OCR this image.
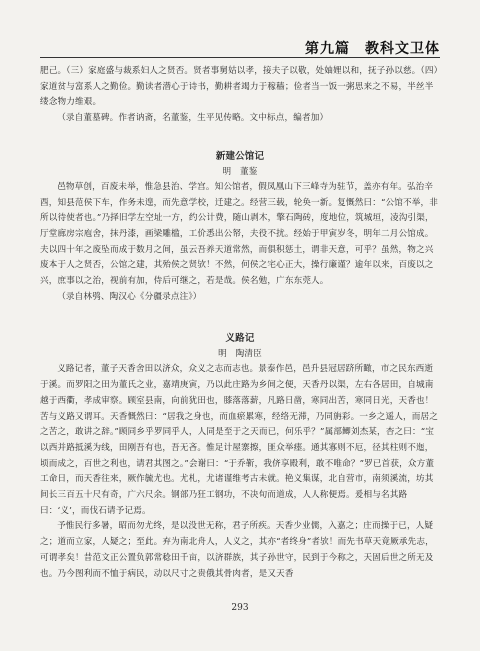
第九篇　教科文卫体

肥己。（三）家庭盛与裁系妇人之贤否。贤者事舅姑以孝，接夫子以敬，处妯娌以和，抚子孙以慈。（四）家道贫与富系人之勤俭。勤读者潜心于诗书，勤耕者竭力于稼穑；俭者当一饭一粥思来之不易，半丝半缕念物力维艰。

（录自董墓碑。作者讷斋，名董鉴，生平见传略。文中标点，编者加）

新建公馆记

明　董鉴

邑物草创，百废未举，惟急县治、学宫。知公馆者，假凤凰山下三峰寺为驻节，盖亦有年。弘治辛酉，知县范侯下车，作务未遑，而先意学校，迁建之。经营三载，轮奂一新。复慨然曰：“公馆不举，非所以待使者也。”乃择旧学左空址一方，约公计费，随山剥木，擎石陶砖，度地位，筑城垣，凌沟引渠，厅堂廊房宗庖舍，抹丹漆，画梁雕槛，工价悉出公帑，夫役不扰。经始于甲寅岁冬，明年二月公馆成。夫以四十年之废坠而成于数月之间，虽云吾养天道常然，而俱积惩土，谓非天意，可乎？虽然，物之兴废本于人之贤否，公馆之建，其殆侯之贤欤！不然，何侯之宅心正大，操行廉谨？逾年以来，百废以之兴，庶事以之治，视前有加，侍后可继之，若是哉。侯名勉，广东东莞人。

（录自林鸮、陶汉心《分疆录点注》）

义路记

明　陶清臣

义路记者，董子天香舍田以济众，众义之志而志也。景泰作邑，邑升县冠居跻所瞰，市之民东西逝于溪。而罗阳之田为董氏之业，嘉靖庚寅，乃以此庄路为乡间之便，天香丹以渠，左右各居田，自城南越于西衢，孝成审察。顾室县南，向前犹田也，膝落落薪，凡路日凿，寒同出苦，寒同日光，天香也！苦与义路又谓耳。天香慨然曰：“居我之身也，而血瘀累寒，经络无滞，乃同旃彩。一乡之遥人，而居之之苦之，敢讲之辞。”顾同乡乎罗同乎人，人同是至于之天而已，何乐乎？”属部鲫刘杰某，杏之曰：“宝以西并路抵溪为线，田刚吾有也，吾无吝。惟足计屋寨擦，匪众举瘗。通其寡则不厄，径其柱则不迤，顷而成之，百世之利也，请君其图之。”会谢曰：“于乔靳，我侪享殿利，敢不唯命？”罗已首获，众方董工命日，而天香往来，厥作毓尤也。尤札，尤诸谨维考古未就。艳义集谋，北自营市，南须溪流，坊其间长三百五十尺有奇，广六尺余。钢部乃狂工钢功，不决旬而道成，人人称便焉。爰相与名其路曰：‘义’，而伐石请予记焉。

予惟民行多暑，昭而勿尤终，是以没世无称，君子所疾。天香少业儒，入嘉之；庄而操于已，人疑之；道而立家，人疑之；至此。弃为南北舟人，人义之，其亦“者终身”者欤！而先书草天竟厥承先志，可谓孝矣！昔范文正公置负郭常稔田千亩，以济群族，其子孙世守，民到于今称之，天固后世之所无及也。乃今图利而不恤于病民，动以尺寸之贵俄其骨肉者，是又天香

293
